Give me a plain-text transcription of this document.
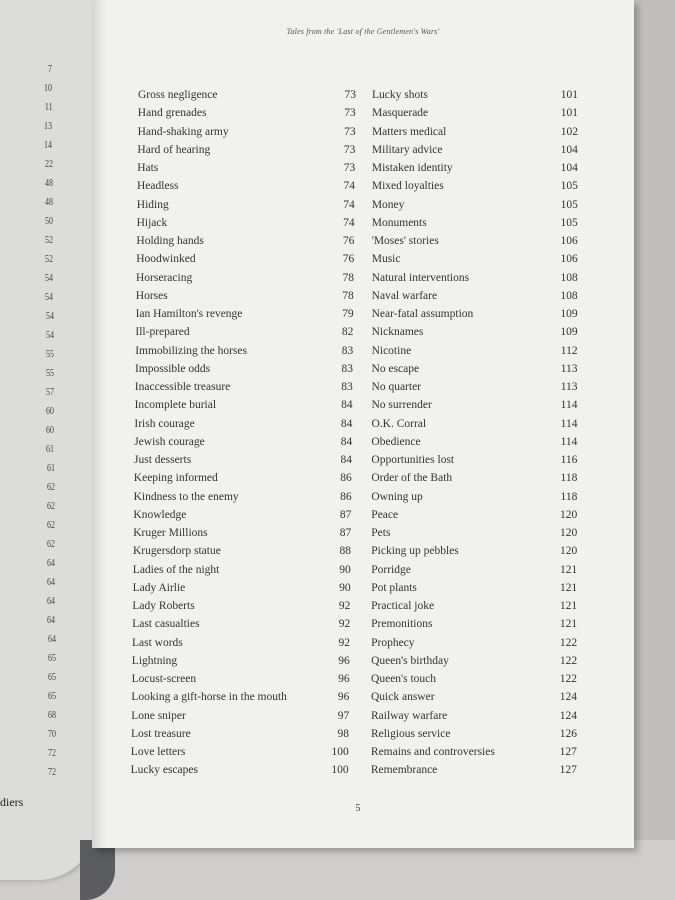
7
10
11
13
14
22
48
48
50
52
52
54
54
54
54
55
55
57
60
60
61
61
62
62
62
62
64
64
64
64
64
65
65
65
68
70
72
72
diers
Tales from the 'Last of the Gentlemen's Wars'
Gross negligence	73
Hand grenades	73
Hand-shaking army	73
Hard of hearing	73
Hats	73
Headless	74
Hiding	74
Hijack	74
Holding hands	76
Hoodwinked	76
Horseracing	78
Horses	78
Ian Hamilton's revenge	79
Ill-prepared	82
Immobilizing the horses	83
Impossible odds	83
Inaccessible treasure	83
Incomplete burial	84
Irish courage	84
Jewish courage	84
Just desserts	84
Keeping informed	86
Kindness to the enemy	86
Knowledge	87
Kruger Millions	87
Krugersdorp statue	88
Ladies of the night	90
Lady Airlie	90
Lady Roberts	92
Last casualties	92
Last words	92
Lightning	96
Locust-screen	96
Looking a gift-horse in the mouth	96
Lone sniper	97
Lost treasure	98
Love letters	100
Lucky escapes	100
Lucky shots	101
Masquerade	101
Matters medical	102
Military advice	104
Mistaken identity	104
Mixed loyalties	105
Money	105
Monuments	105
'Moses' stories	106
Music	106
Natural interventions	108
Naval warfare	108
Near-fatal assumption	109
Nicknames	109
Nicotine	112
No escape	113
No quarter	113
No surrender	114
O.K. Corral	114
Obedience	114
Opportunities lost	116
Order of the Bath	118
Owning up	118
Peace	120
Pets	120
Picking up pebbles	120
Porridge	121
Pot plants	121
Practical joke	121
Premonitions	121
Prophecy	122
Queen's birthday	122
Queen's touch	122
Quick answer	124
Railway warfare	124
Religious service	126
Remains and controversies	127
Remembrance	127
5
